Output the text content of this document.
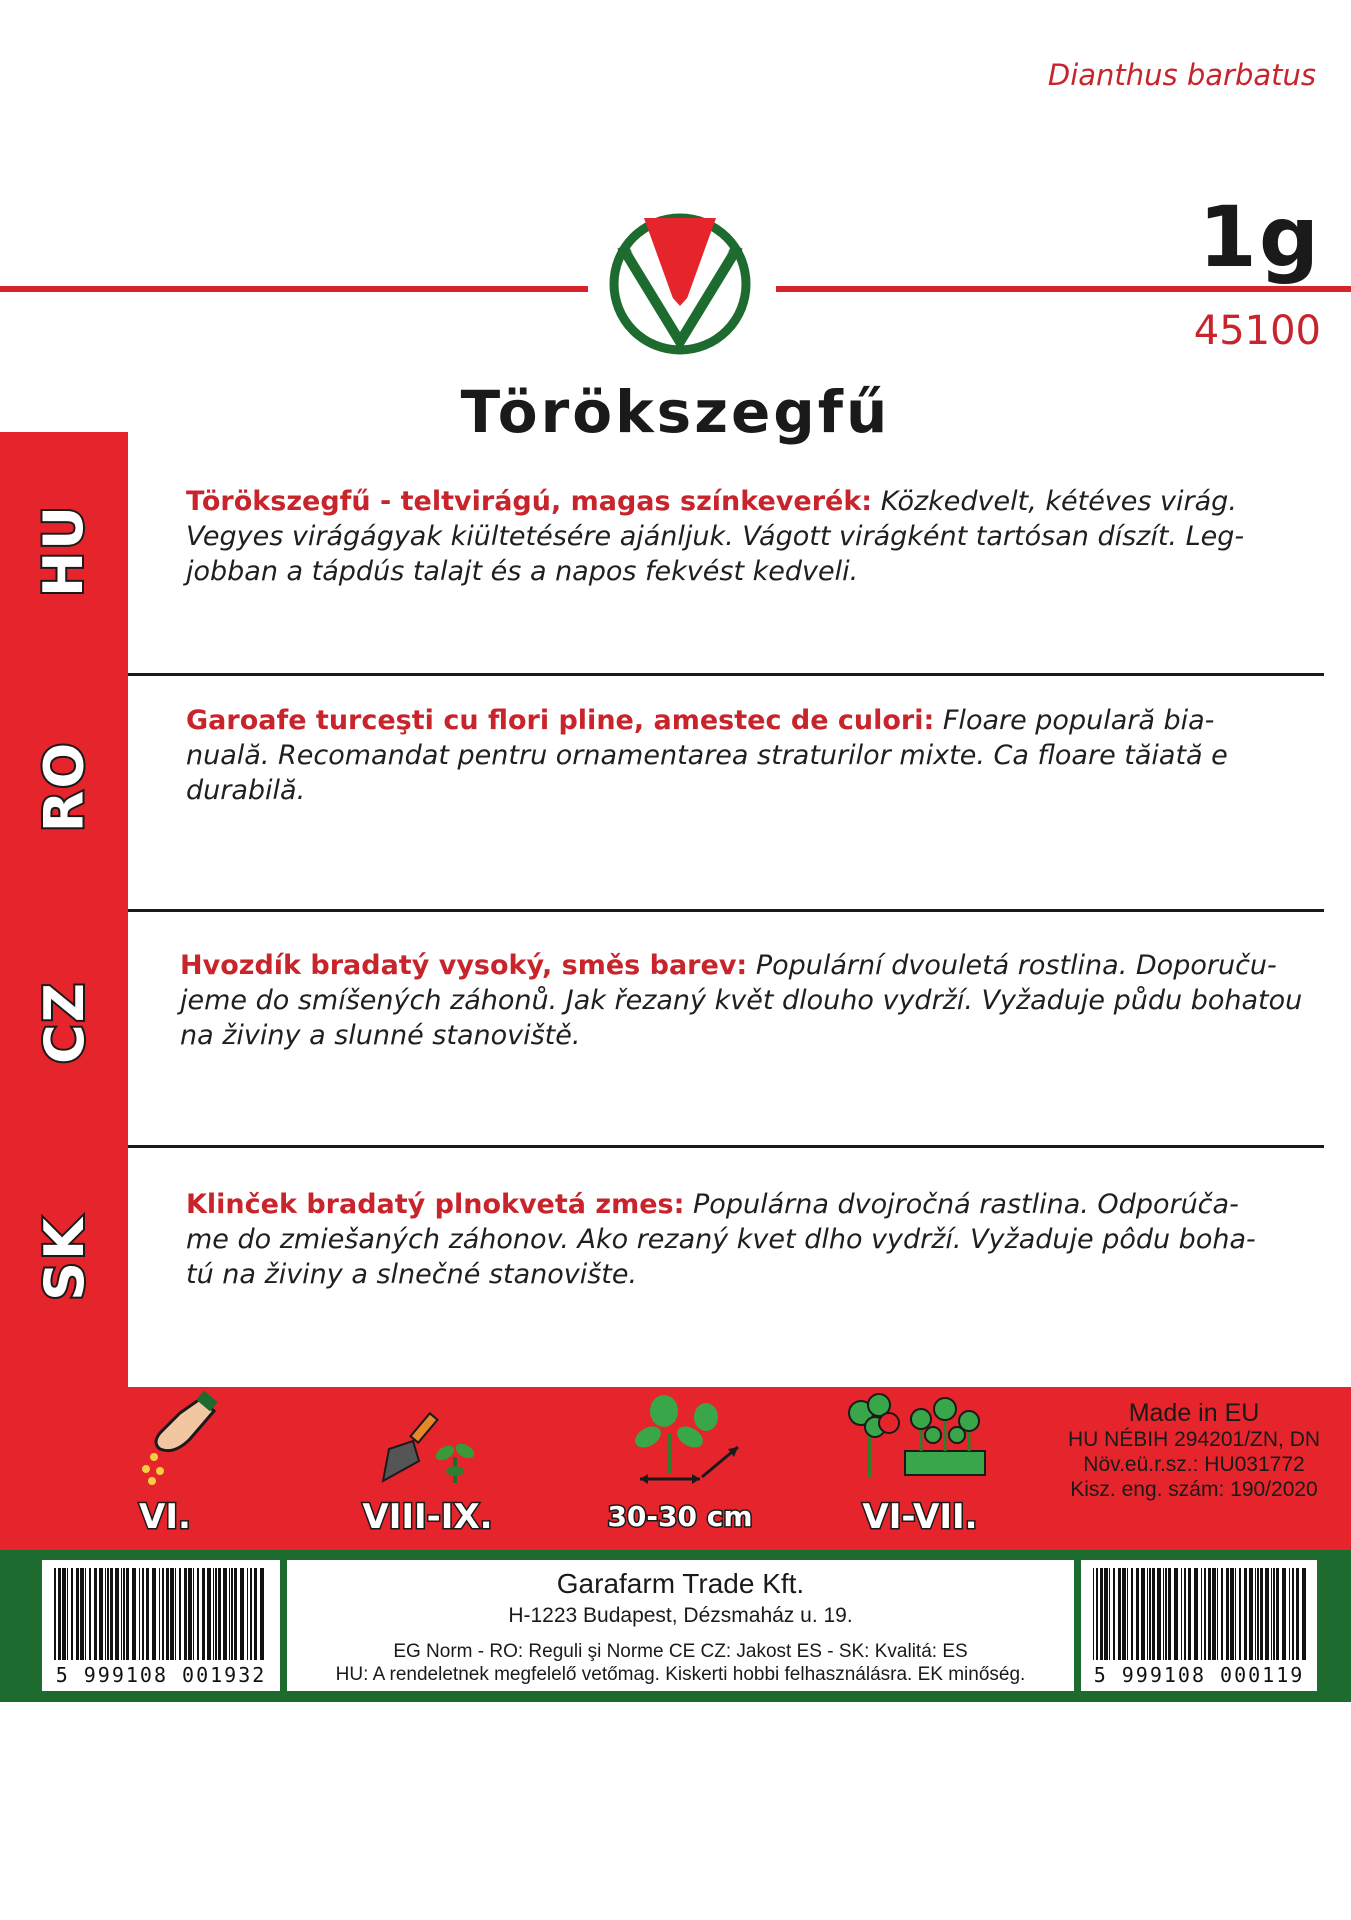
Dianthus barbatus
1g
45100
Törökszegfű
HU
RO
CZ
SK
Törökszegfű - teltvirágú, magas színkeverék: Közkedvelt, kétéves virág.
Vegyes virágágyak kiültetésére ajánljuk. Vágott virágként tartósan díszít. Leg-
jobban a tápdús talajt és a napos fekvést kedveli.
Garoafe turceşti cu flori pline, amestec de culori: Floare populară bia-
nuală. Recomandat pentru ornamentarea straturilor mixte. Ca floare tăiată e
durabilă.
Hvozdík bradatý vysoký, směs barev: Populární dvouletá rostlina. Doporuču-
jeme do smíšených záhonů. Jak řezaný květ dlouho vydrží. Vyžaduje půdu bohatou
na živiny a slunné stanoviště.
Klinček bradatý plnokvetá zmes: Populárna dvojročná rastlina. Odporúča-
me do zmiešaných záhonov. Ako rezaný kvet dlho vydrží. Vyžaduje pôdu boha-
tú na živiny a slnečné stanovište.
VI.	VIII-IX.	30-30 cm	VI-VII.
Made in EU
HU NÉBIH 294201/ZN, DN
Növ.eü.r.sz.: HU031772
Kisz. eng. szám: 190/2020
5 999108 001932
Garafarm Trade Kft.
H-1223 Budapest, Dézsmaház u. 19.
EG Norm - RO: Reguli şi Norme CE CZ: Jakost ES - SK: Kvalitá: ES
HU: A rendeletnek megfelelő vetőmag. Kiskerti hobbi felhasználásra. EK minőség.	5 999108 000119
